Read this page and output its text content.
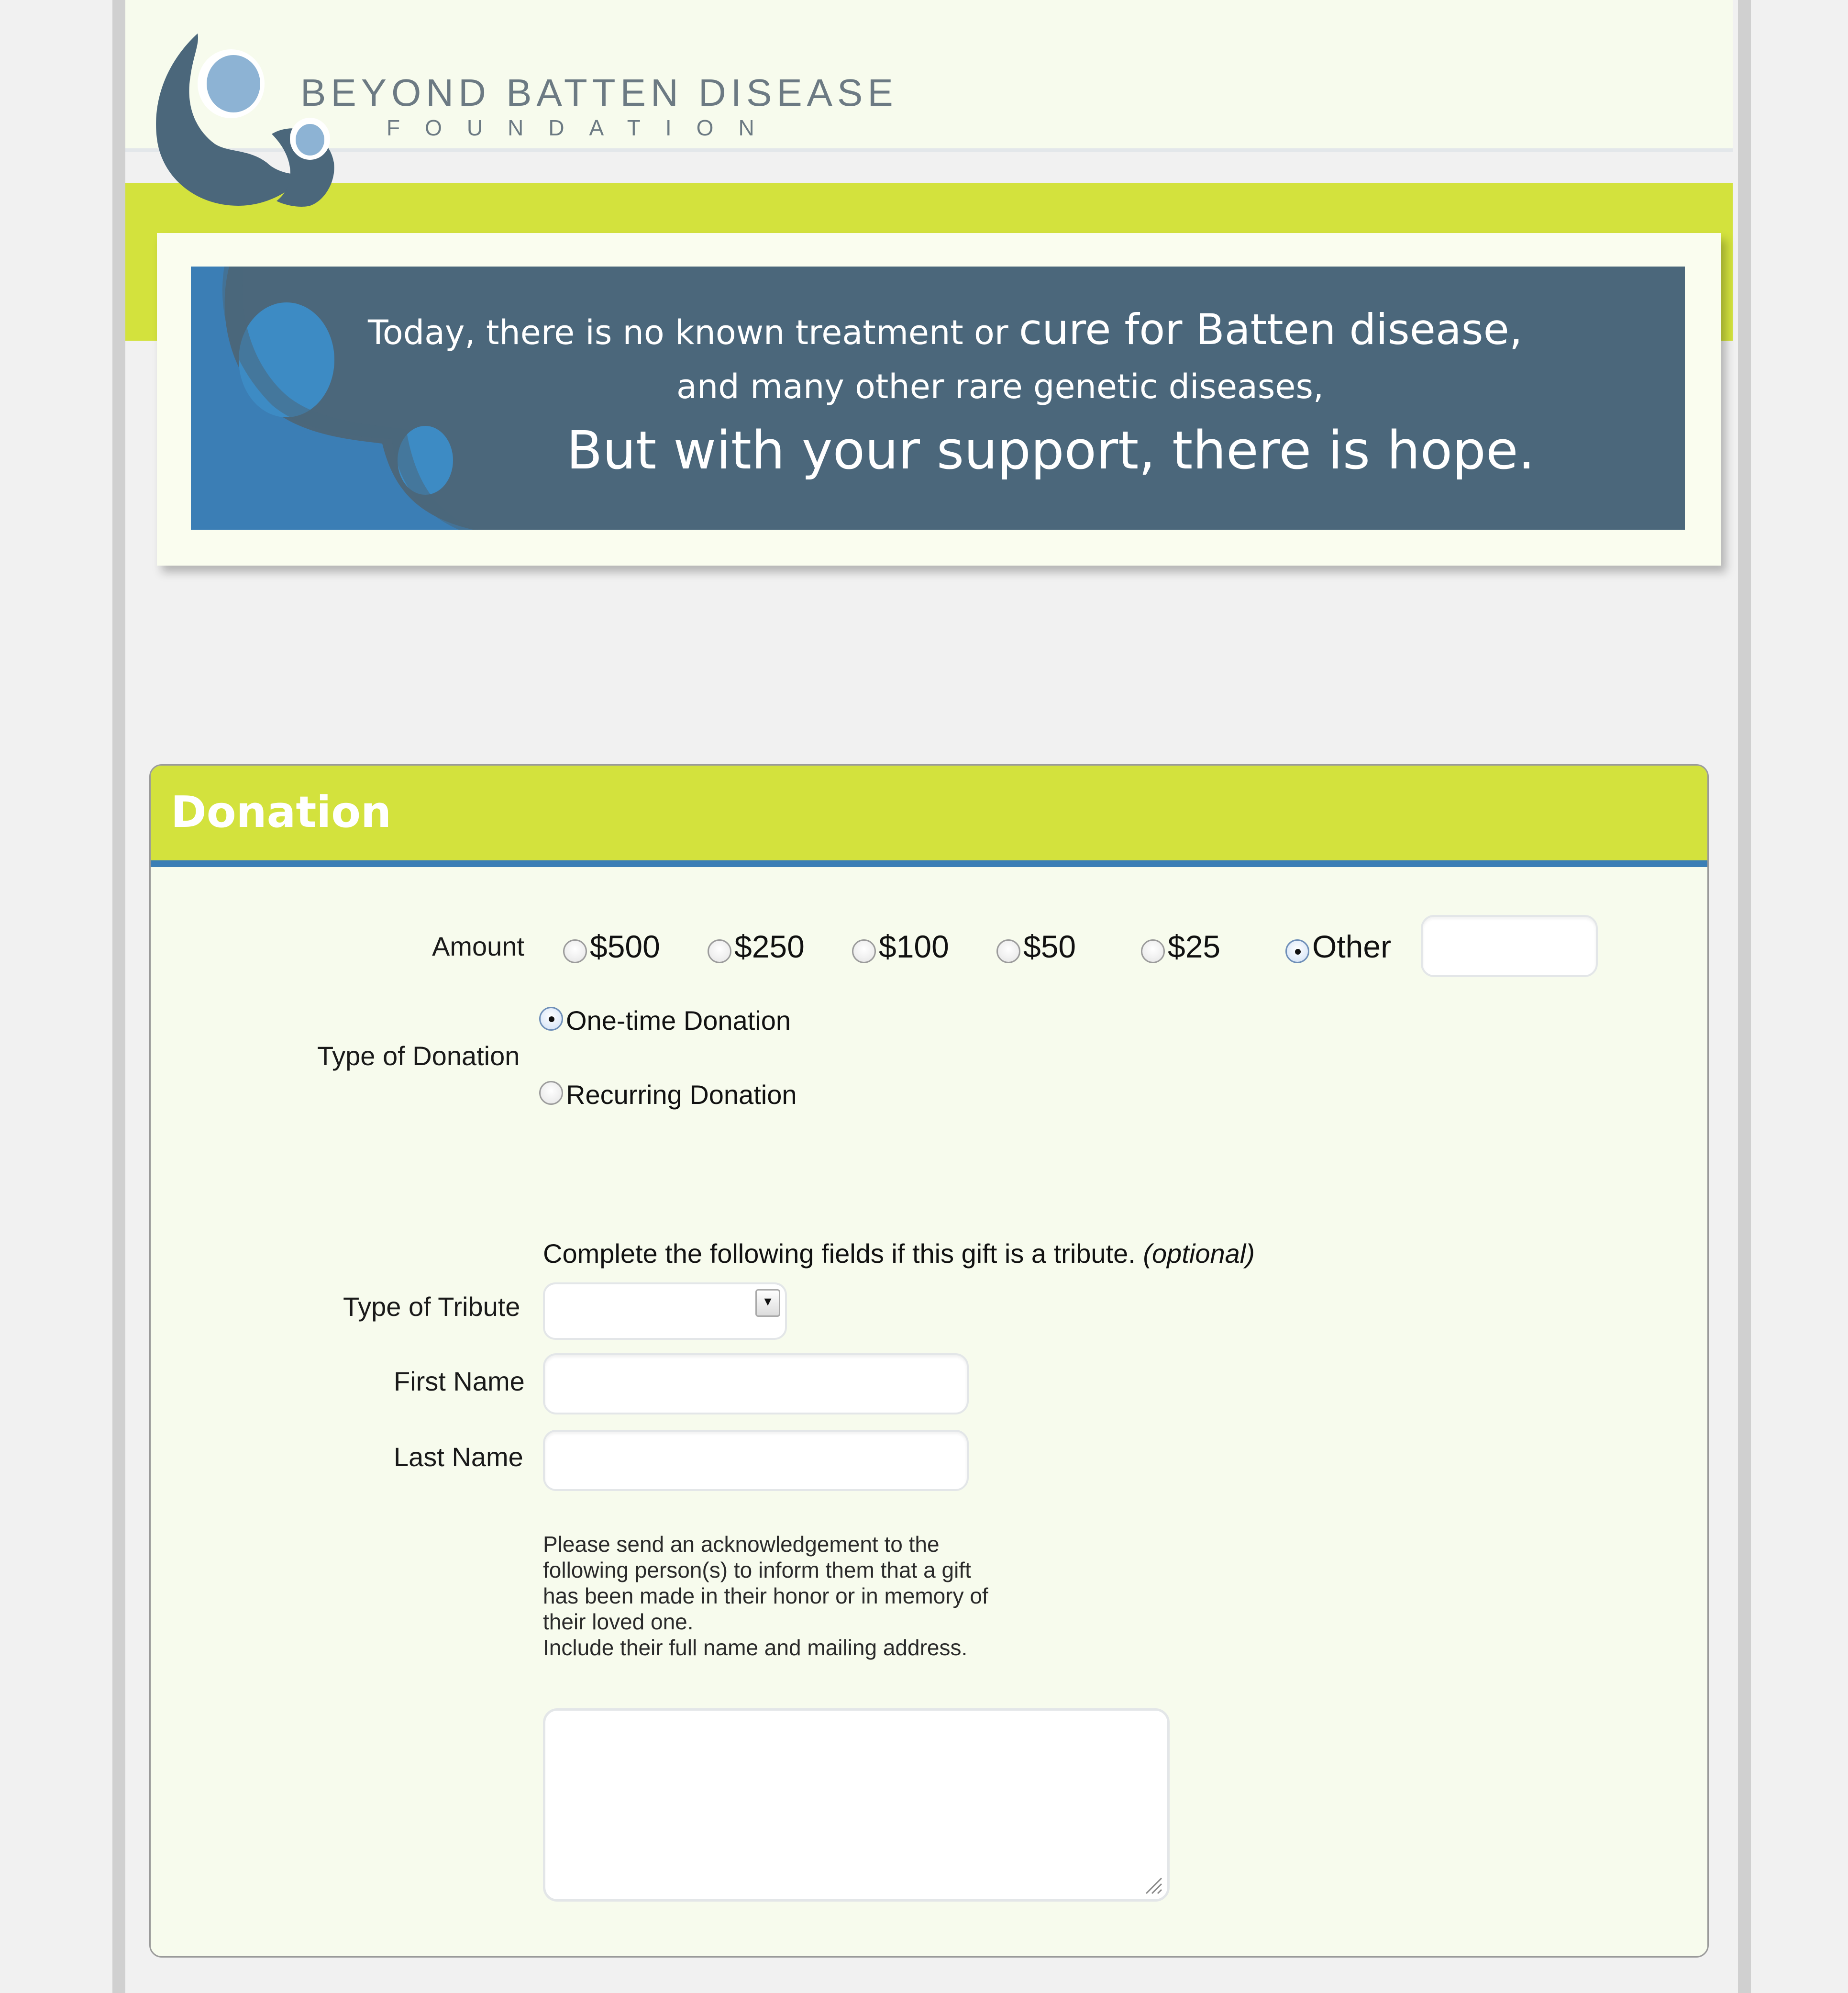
BEYOND BATTEN DISEASE
FOUNDATION
Today, there is no known treatment or cure for Batten disease,
and many other rare genetic diseases,
But with your support, there is hope.
Donation
Amount $500 $250 $100 $50	$25	Other
Type of Donation
One-time Donation
Recurring Donation
Complete the following fields if this gift is a tribute. (optional)
Type of Tribute	▾
First Name
Last Name
Please send an acknowledgement to the
following person(s) to inform them that a gift
has been made in their honor or in memory of
their loved one.
Include their full name and mailing address.
